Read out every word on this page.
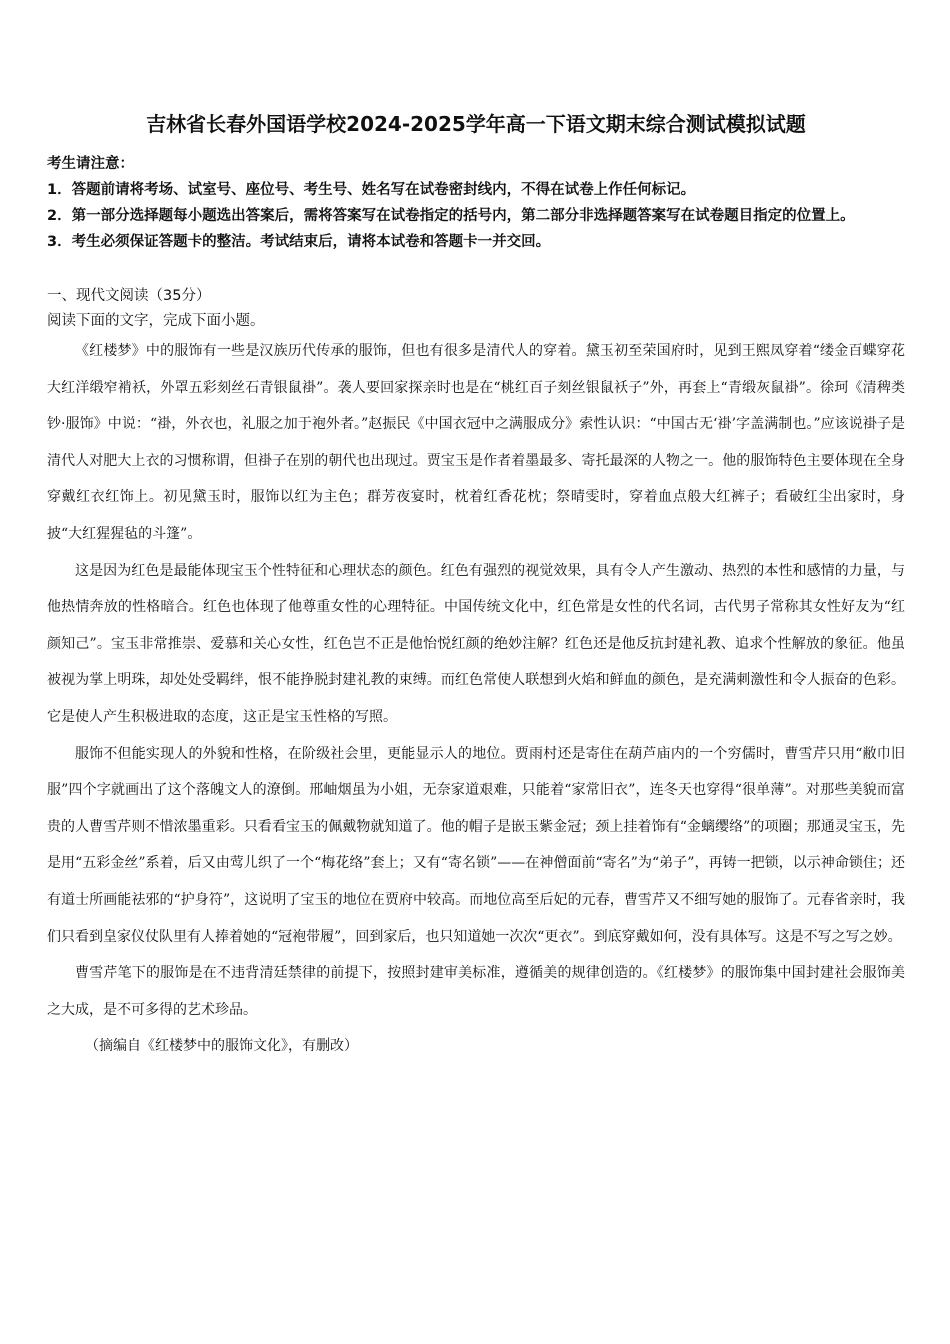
吉林省长春外国语学校2024-2025学年高一下语文期末综合测试模拟试题

考生请注意：

1．答题前请将考场、试室号、座位号、考生号、姓名写在试卷密封线内，不得在试卷上作任何标记。

2．第一部分选择题每小题选出答案后，需将答案写在试卷指定的括号内，第二部分非选择题答案写在试卷题目指定的位置上。

3．考生必须保证答题卡的整洁。考试结束后，请将本试卷和答题卡一并交回。

一、现代文阅读（35分）
阅读下面的文字，完成下面小题。

《红楼梦》中的服饰有一些是汉族历代传承的服饰，但也有很多是清代人的穿着。黛玉初至荣国府时，见到王熙凤穿着“缕金百蝶穿花大红洋缎窄褃袄，外罩五彩刻丝石青银鼠褂”。袭人要回家探亲时也是在“桃红百子刻丝银鼠袄子”外，再套上“青缎灰鼠褂”。徐珂《清稗类钞·服饰》中说：“褂，外衣也，礼服之加于袍外者。”赵振民《中国衣冠中之满服成分》索性认识：“中国古无‘褂’字盖满制也。”应该说褂子是清代人对肥大上衣的习惯称谓，但褂子在别的朝代也出现过。贾宝玉是作者着墨最多、寄托最深的人物之一。他的服饰特色主要体现在全身穿戴红衣红饰上。初见黛玉时，服饰以红为主色；群芳夜宴时，枕着红香花枕；祭晴雯时，穿着血点般大红裤子；看破红尘出家时，身披“大红猩猩毡的斗篷”。

这是因为红色是最能体现宝玉个性特征和心理状态的颜色。红色有强烈的视觉效果，具有令人产生激动、热烈的本性和感情的力量，与他热情奔放的性格暗合。红色也体现了他尊重女性的心理特征。中国传统文化中，红色常是女性的代名词，古代男子常称其女性好友为“红颜知己”。宝玉非常推崇、爱慕和关心女性，红色岂不正是他怡悦红颜的绝妙注解？红色还是他反抗封建礼教、追求个性解放的象征。他虽被视为掌上明珠，却处处受羁绊，恨不能挣脱封建礼教的束缚。而红色常使人联想到火焰和鲜血的颜色，是充满刺激性和令人振奋的色彩。它是使人产生积极进取的态度，这正是宝玉性格的写照。

服饰不但能实现人的外貌和性格，在阶级社会里，更能显示人的地位。贾雨村还是寄住在葫芦庙内的一个穷儒时，曹雪芹只用“敝巾旧服”四个字就画出了这个落魄文人的潦倒。邢岫烟虽为小姐，无奈家道艰难，只能着“家常旧衣”，连冬天也穿得“很单薄”。对那些美貌而富贵的人曹雪芹则不惜浓墨重彩。只看看宝玉的佩戴物就知道了。他的帽子是嵌玉紫金冠；颈上挂着饰有“金螭缨络”的项圈；那通灵宝玉，先是用“五彩金丝”系着，后又由莺儿织了一个“梅花络”套上；又有“寄名锁”——在神僧面前“寄名”为“弟子”，再铸一把锁，以示神命锁住；还有道士所画能祛邪的“护身符”，这说明了宝玉的地位在贾府中较高。而地位高至后妃的元春，曹雪芹又不细写她的服饰了。元春省亲时，我们只看到皇家仪仗队里有人捧着她的“冠袍带履”，回到家后，也只知道她一次次“更衣”。到底穿戴如何，没有具体写。这是不写之写之妙。

曹雪芹笔下的服饰是在不违背清廷禁律的前提下，按照封建审美标准，遵循美的规律创造的。《红楼梦》的服饰集中国封建社会服饰美之大成，是不可多得的艺术珍品。

（摘编自《红楼梦中的服饰文化》，有删改）
